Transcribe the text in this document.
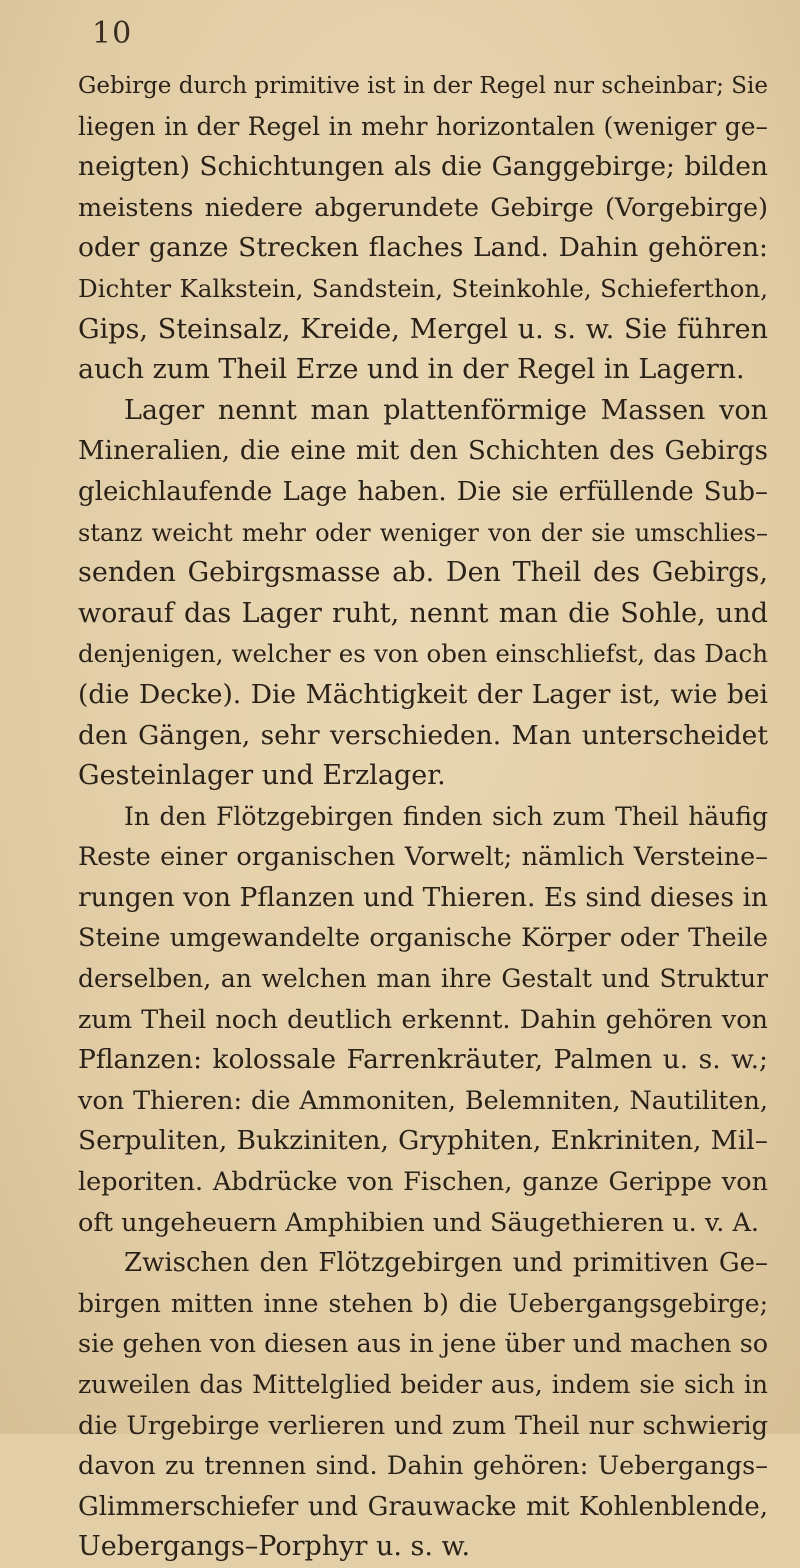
10
Gebirge durch primitive ist in der Regel nur scheinbar; Sie
liegen in der Regel in mehr horizontalen (weniger ge–
neigten) Schichtungen als die Ganggebirge; bilden
meistens niedere abgerundete Gebirge (Vorgebirge)
oder ganze Strecken flaches Land. Dahin gehören:
Dichter Kalkstein, Sandstein, Steinkohle, Schieferthon,
Gips, Steinsalz, Kreide, Mergel u. s. w. Sie führen
auch zum Theil Erze und in der Regel in Lagern.
Lager nennt man plattenförmige Massen von
Mineralien, die eine mit den Schichten des Gebirgs
gleichlaufende Lage haben. Die sie erfüllende Sub–
stanz weicht mehr oder weniger von der sie umschlies–
senden Gebirgsmasse ab. Den Theil des Gebirgs,
worauf das Lager ruht, nennt man die Sohle, und
denjenigen, welcher es von oben einschliefst, das Dach
(die Decke). Die Mächtigkeit der Lager ist, wie bei
den Gängen, sehr verschieden. Man unterscheidet
Gesteinlager und Erzlager.
In den Flötzgebirgen finden sich zum Theil häufig
Reste einer organischen Vorwelt; nämlich Versteine–
rungen von Pflanzen und Thieren. Es sind dieses in
Steine umgewandelte organische Körper oder Theile
derselben, an welchen man ihre Gestalt und Struktur
zum Theil noch deutlich erkennt. Dahin gehören von
Pflanzen: kolossale Farrenkräuter, Palmen u. s. w.;
von Thieren: die Ammoniten, Belemniten, Nautiliten,
Serpuliten, Bukziniten, Gryphiten, Enkriniten, Mil–
leporiten. Abdrücke von Fischen, ganze Gerippe von
oft ungeheuern Amphibien und Säugethieren u. v. A.
Zwischen den Flötzgebirgen und primitiven Ge–
birgen mitten inne stehen b) die Uebergangsgebirge;
sie gehen von diesen aus in jene über und machen so
zuweilen das Mittelglied beider aus, indem sie sich in
die Urgebirge verlieren und zum Theil nur schwierig
davon zu trennen sind. Dahin gehören: Uebergangs–
Glimmerschiefer und Grauwacke mit Kohlenblende,
Uebergangs–Porphyr u. s. w.
